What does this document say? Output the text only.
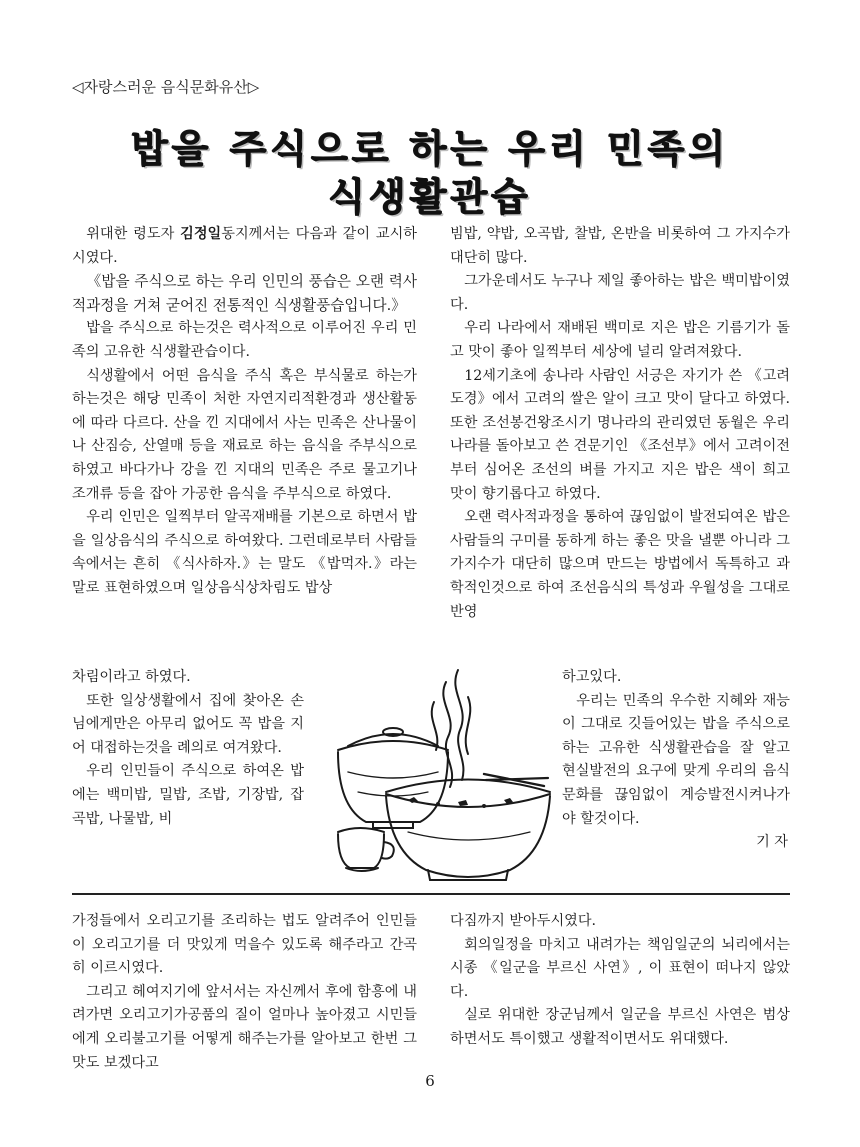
◁자랑스러운 음식문화유산▷
밥을 주식으로 하는 우리 민족의
식생활관습

위대한 령도자 김정일동지께서는 다음과 같이 교시하시였다.

《밥을 주식으로 하는 우리 인민의 풍습은 오랜 력사적과정을 거쳐 굳어진 전통적인 식생활풍습입니다.》

밥을 주식으로 하는것은 력사적으로 이루어진 우리 민족의 고유한 식생활관습이다.

식생활에서 어떤 음식을 주식 혹은 부식물로 하는가 하는것은 해당 민족이 처한 자연지리적환경과 생산활동에 따라 다르다. 산을 낀 지대에서 사는 민족은 산나물이나 산짐승, 산열매 등을 재료로 하는 음식을 주부식으로 하였고 바다가나 강을 낀 지대의 민족은 주로 물고기나 조개류 등을 잡아 가공한 음식을 주부식으로 하였다.

우리 인민은 일찍부터 알곡재배를 기본으로 하면서 밥을 일상음식의 주식으로 하여왔다. 그런데로부터 사람들속에서는 흔히 《식사하자.》는 말도 《밥먹자.》라는 말로 표현하였으며 일상음식상차림도 밥상

차림이라고 하였다.

또한 일상생활에서 집에 찾아온 손님에게만은 아무리 없어도 꼭 밥을 지어 대접하는것을 례의로 여겨왔다.

우리 인민들이 주식으로 하여온 밥에는 백미밥, 밀밥, 조밥, 기장밥, 잡곡밥, 나물밥, 비

빔밥, 약밥, 오곡밥, 찰밥, 온반을 비롯하여 그 가지수가 대단히 많다.

그가운데서도 누구나 제일 좋아하는 밥은 백미밥이였다.

우리 나라에서 재배된 백미로 지은 밥은 기름기가 돌고 맛이 좋아 일찍부터 세상에 널리 알려져왔다.

12세기초에 송나라 사람인 서긍은 자기가 쓴 《고려도경》에서 고려의 쌀은 알이 크고 맛이 달다고 하였다. 또한 조선봉건왕조시기 명나라의 관리였던 동월은 우리 나라를 돌아보고 쓴 견문기인 《조선부》에서 고려이전부터 심어온 조선의 벼를 가지고 지은 밥은 색이 희고 맛이 향기롭다고 하였다.

오랜 력사적과정을 통하여 끊임없이 발전되여온 밥은 사람들의 구미를 동하게 하는 좋은 맛을 낼뿐 아니라 그 가지수가 대단히 많으며 만드는 방법에서 독특하고 과학적인것으로 하여 조선음식의 특성과 우월성을 그대로 반영

하고있다.

우리는 민족의 우수한 지혜와 재능이 그대로 깃들어있는 밥을 주식으로 하는 고유한 식생활관습을 잘 알고 현실발전의 요구에 맞게 우리의 음식문화를 끊임없이 계승발전시켜나가야 할것이다.

기 자

가정들에서 오리고기를 조리하는 법도 알려주어 인민들이 오리고기를 더 맛있게 먹을수 있도록 해주라고 간곡히 이르시였다.

그리고 헤여지기에 앞서서는 자신께서 후에 함흥에 내려가면 오리고기가공품의 질이 얼마나 높아졌고 시민들에게 오리불고기를 어떻게 해주는가를 알아보고 한번 그 맛도 보겠다고

다짐까지 받아두시였다.

회의일정을 마치고 내려가는 책임일군의 뇌리에서는 시종 《일군을 부르신 사연》, 이 표현이 떠나지 않았다.

실로 위대한 장군님께서 일군을 부르신 사연은 범상하면서도 특이했고 생활적이면서도 위대했다.

6
